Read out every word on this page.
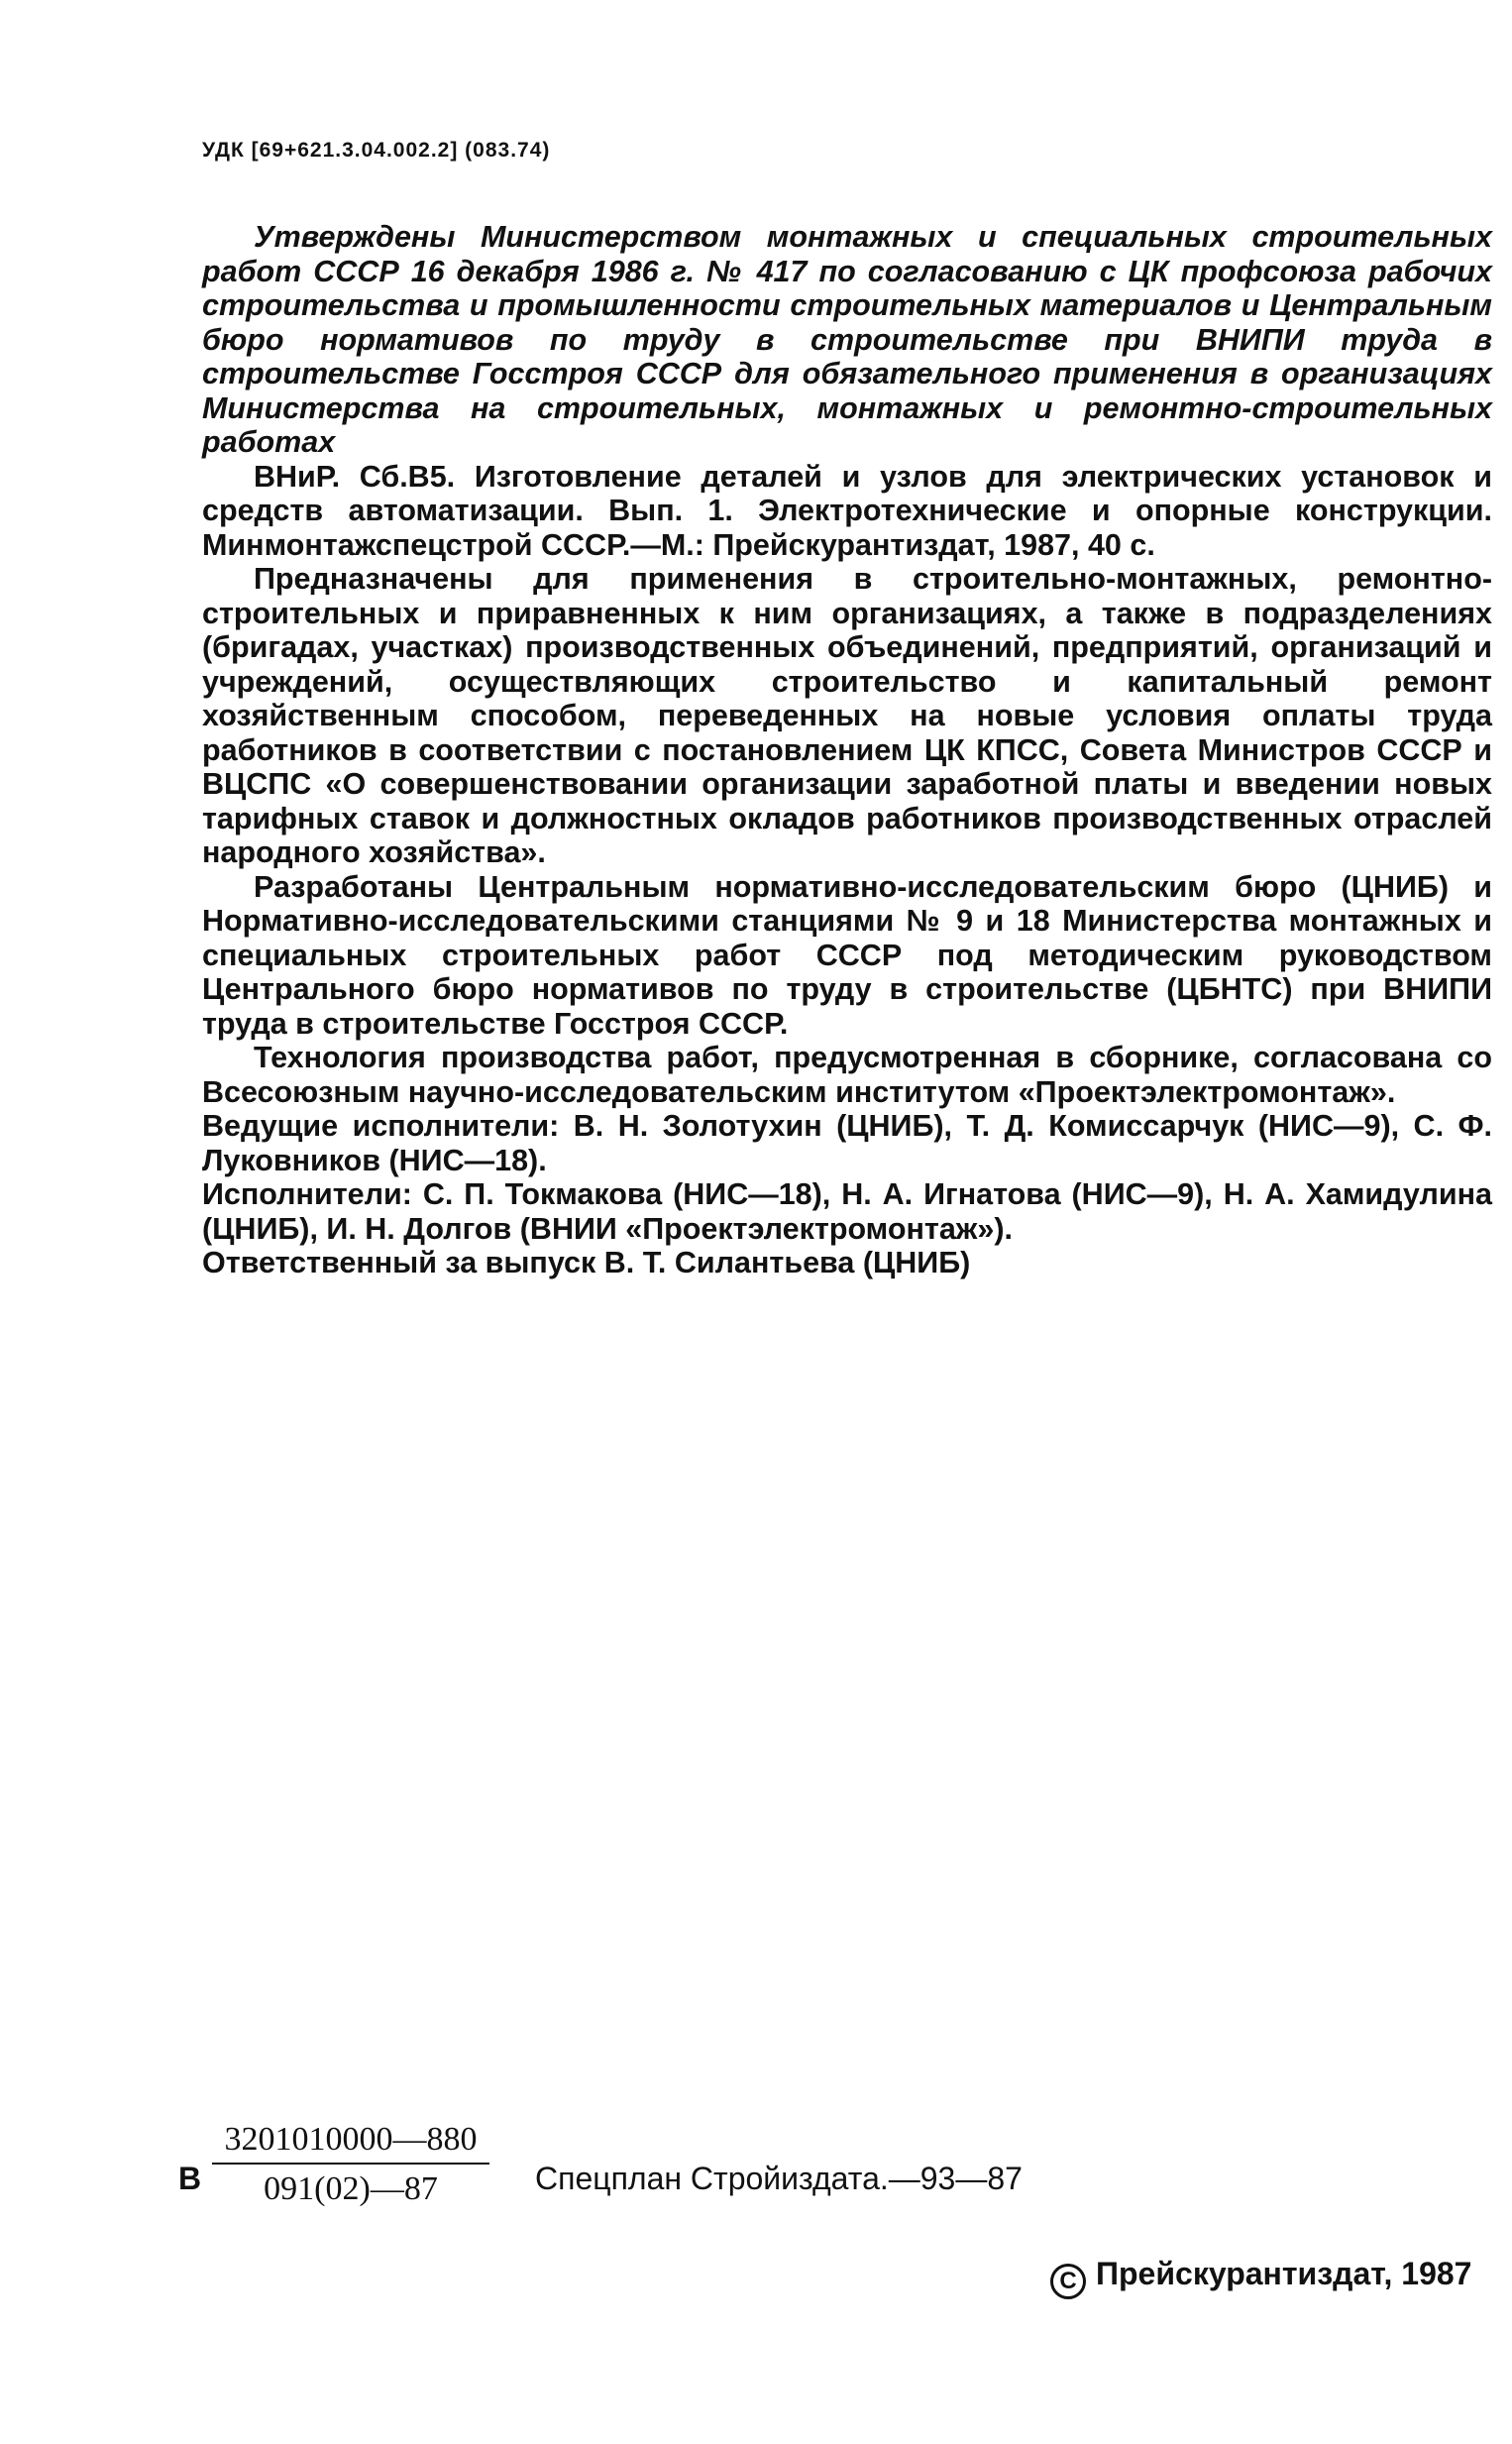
УДК [69+621.3.04.002.2] (083.74)

Утверждены Министерством монтажных и специальных строительных работ СССР 16 декабря 1986 г. № 417 по согласованию с ЦК профсоюза рабочих строительства и промышленности строительных материалов и Центральным бюро нормативов по труду в строительстве при ВНИПИ труда в строительстве Госстроя СССР для обязательного применения в организациях Министерства на строительных, монтажных и ремонтно-строительных работах

ВНиР. Сб.В5. Изготовление деталей и узлов для электрических установок и средств автоматизации. Вып. 1. Электротехнические и опорные конструкции. Минмонтажспецстрой СССР.—М.: Прейскурантиздат, 1987, 40 с.

Предназначены для применения в строительно-монтажных, ремонтно-строительных и приравненных к ним организациях, а также в подразделениях (бригадах, участках) производственных объединений, предприятий, организаций и учреждений, осуществляющих строительство и капитальный ремонт хозяйственным способом, переведенных на новые условия оплаты труда работников в соответствии с постановлением ЦК КПСС, Совета Министров СССР и ВЦСПС «О совершенствовании организации заработной платы и введении новых тарифных ставок и должностных окладов работников производственных отраслей народного хозяйства».

Разработаны Центральным нормативно-исследовательским бюро (ЦНИБ) и Нормативно-исследовательскими станциями № 9 и 18 Министерства монтажных и специальных строительных работ СССР под методическим руководством Центрального бюро нормативов по труду в строительстве (ЦБНТС) при ВНИПИ труда в строительстве Госстроя СССР.

Технология производства работ, предусмотренная в сборнике, согласована со Всесоюзным научно-исследовательским институтом «Проектэлектромонтаж».

Ведущие исполнители: В. Н. Золотухин (ЦНИБ), Т. Д. Комиссарчук (НИС—9), С. Ф. Луковников (НИС—18).

Исполнители: С. П. Токмакова (НИС—18), Н. А. Игнатова (НИС—9), Н. А. Хамидулина (ЦНИБ), И. Н. Долгов (ВНИИ «Проектэлектромонтаж»).

Ответственный за выпуск В. Т. Силантьева (ЦНИБ)

В $\frac{3201010000—880}{091(02)—87}$ Спецплан Стройиздата.—93—87
C Прейскурантиздат, 1987
